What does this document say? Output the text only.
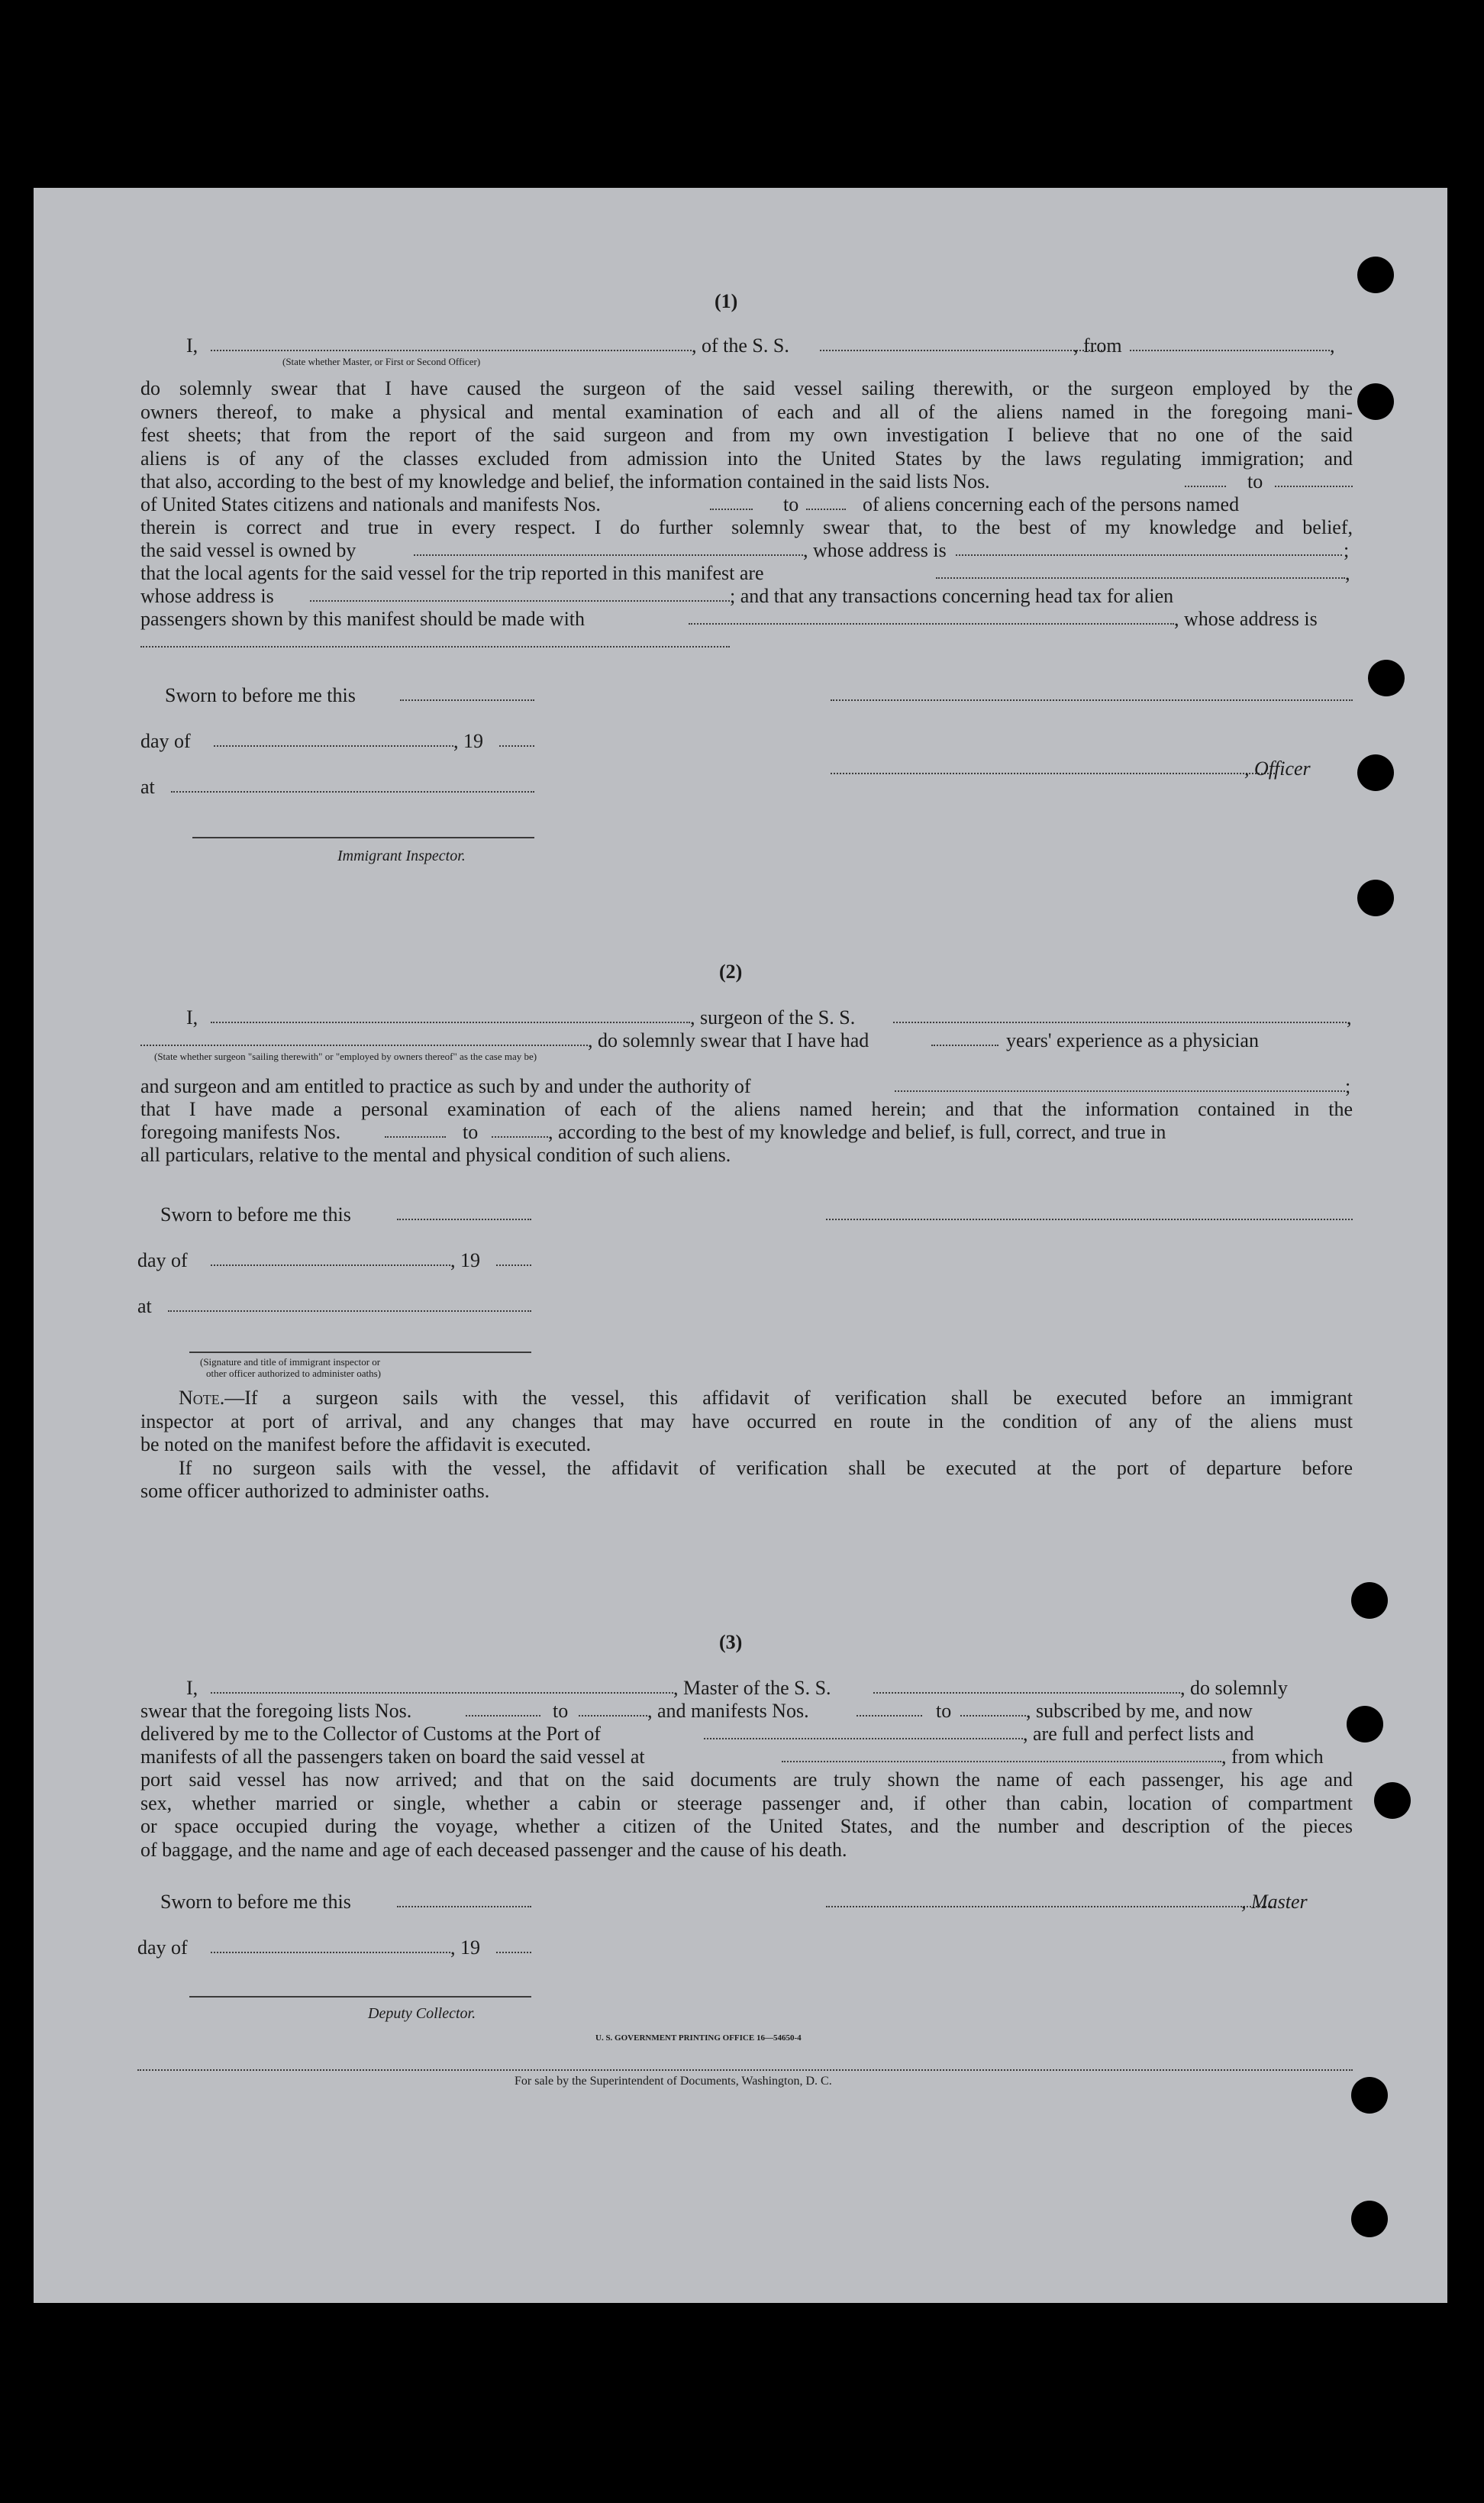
(1)
I,
(State whether Master, or First or Second Officer)
, of the S. S.	, from	,
do solemnly swear that I have caused the surgeon of the said vessel sailing therewith, or the surgeon employed by the
owners thereof, to make a physical and mental examination of each and all of the aliens named in the foregoing mani-
fest sheets; that from the report of the said surgeon and from my own investigation I believe that no one of the said
aliens is of any of the classes excluded from admission into the United States by the laws regulating immigration; and
that also, according to the best of my knowledge and belief, the information contained in the said lists Nos.	to
of United States citizens and nationals and manifests Nos.	to	of aliens concerning each of the persons named
therein is correct and true in every respect. I do further solemnly swear that, to the best of my knowledge and belief,
the said vessel is owned by	, whose address is	;
that the local agents for the said vessel for the trip reported in this manifest are	,
whose address is	; and that any transactions concerning head tax for alien
passengers shown by this manifest should be made with	, whose address is
Sworn to before me this
day of	, 19
, Officer
at
Immigrant Inspector.
(2)
I,	, surgeon of the S. S.	,
, do solemnly swear that I have had	years' experience as a physician
(State whether surgeon "sailing therewith" or "employed by owners thereof" as the case may be)
and surgeon and am entitled to practice as such by and under the authority of	;
that I have made a personal examination of each of the aliens named herein; and that the information contained in the
foregoing manifests Nos.	to	, according to the best of my knowledge and belief, is full, correct, and true in
all particulars, relative to the mental and physical condition of such aliens.
Sworn to before me this
day of	, 19
at
(Signature and title of immigrant inspector or
other officer authorized to administer oaths)
Note.—If a surgeon sails with the vessel, this affidavit of verification shall be executed before an immigrant
inspector at port of arrival, and any changes that may have occurred en route in the condition of any of the aliens must
be noted on the manifest before the affidavit is executed.
If no surgeon sails with the vessel, the affidavit of verification shall be executed at the port of departure before
some officer authorized to administer oaths.
(3)
I,	, Master of the S. S.	, do solemnly
swear that the foregoing lists Nos.	to	, and manifests Nos.	to	, subscribed by me, and now
delivered by me to the Collector of Customs at the Port of	, are full and perfect lists and
manifests of all the passengers taken on board the said vessel at	, from which
port said vessel has now arrived; and that on the said documents are truly shown the name of each passenger, his age and
sex, whether married or single, whether a cabin or steerage passenger and, if other than cabin, location of compartment
or space occupied during the voyage, whether a citizen of the United States, and the number and description of the pieces
of baggage, and the name and age of each deceased passenger and the cause of his death.
Sworn to before me this	, Master
day of	, 19
Deputy Collector.
U. S. GOVERNMENT PRINTING OFFICE 16—54650-4
For sale by the Superintendent of Documents, Washington, D. C.
